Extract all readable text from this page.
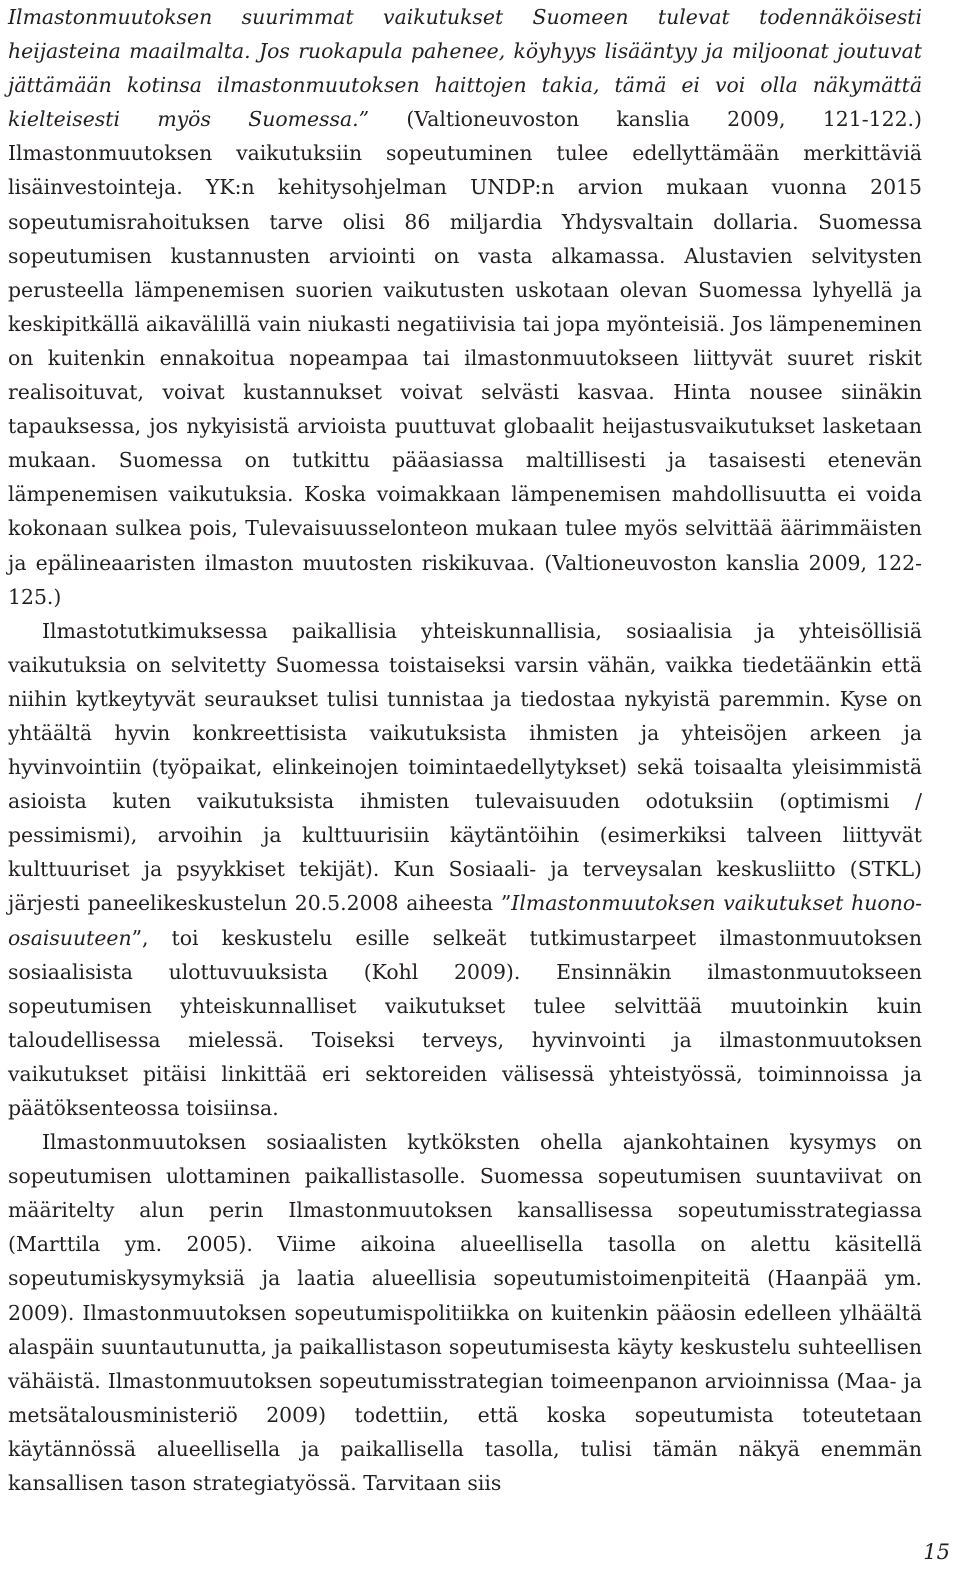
Ilmastonmuutoksen suurimmat vaikutukset Suomeen tulevat todennäköisesti heijasteina maailmalta. Jos ruokapula pahenee, köyhyys lisääntyy ja miljoonat joutuvat jättämään kotinsa ilmastonmuutoksen haittojen takia, tämä ei voi olla näkymättä kielteisesti myös Suomessa.” (Valtioneuvoston kanslia 2009, 121-122.) Ilmastonmuutoksen vaikutuksiin sopeutuminen tulee edellyttämään merkittäviä lisäinvestointeja. YK:n kehitysohjelman UNDP:n arvion mukaan vuonna 2015 sopeutumisrahoituksen tarve olisi 86 miljardia Yhdysvaltain dollaria. Suomessa sopeutumisen kustannusten arviointi on vasta alkamassa. Alustavien selvitysten perusteella lämpenemisen suorien vaikutusten uskotaan olevan Suomessa lyhyellä ja keskipitkällä aikavälillä vain niukasti negatiivisia tai jopa myönteisiä. Jos lämpeneminen on kuitenkin ennakoitua nopeampaa tai ilmastonmuutokseen liittyvät suuret riskit realisoituvat, voivat kustannukset voivat selvästi kasvaa. Hinta nousee siinäkin tapauksessa, jos nykyisistä arvioista puuttuvat globaalit heijastusvaikutukset lasketaan mukaan. Suomessa on tutkittu pääasiassa maltillisesti ja tasaisesti etenevän lämpenemisen vaikutuksia. Koska voimakkaan lämpenemisen mahdollisuutta ei voida kokonaan sulkea pois, Tulevaisuusselonteon mukaan tulee myös selvittää äärimmäisten ja epälineaaristen ilmaston muutosten riskikuvaa. (Valtioneuvoston kanslia 2009, 122-125.)

Ilmastotutkimuksessa paikallisia yhteiskunnallisia, sosiaalisia ja yhteisöllisiä vaikutuksia on selvitetty Suomessa toistaiseksi varsin vähän, vaikka tiedetäänkin että niihin kytkeytyvät seuraukset tulisi tunnistaa ja tiedostaa nykyistä paremmin. Kyse on yhtäältä hyvin konkreettisista vaikutuksista ihmisten ja yhteisöjen arkeen ja hyvinvointiin (työpaikat, elinkeinojen toimintaedellytykset) sekä toisaalta yleisimmistä asioista kuten vaikutuksista ihmisten tulevaisuuden odotuksiin (optimismi / pessimismi), arvoihin ja kulttuurisiin käytäntöihin (esimerkiksi talveen liittyvät kulttuuriset ja psyykkiset tekijät). Kun Sosiaali- ja terveysalan keskusliitto (STKL) järjesti paneelikeskustelun 20.5.2008 aiheesta ”Ilmastonmuutoksen vaikutukset huono-osaisuuteen”, toi keskustelu esille selkeät tutkimustarpeet ilmastonmuutoksen sosiaalisista ulottuvuuksista (Kohl 2009). Ensinnäkin ilmastonmuutokseen sopeutumisen yhteiskunnalliset vaikutukset tulee selvittää muutoinkin kuin taloudellisessa mielessä. Toiseksi terveys, hyvinvointi ja ilmastonmuutoksen vaikutukset pitäisi linkittää eri sektoreiden välisessä yhteistyössä, toiminnoissa ja päätöksenteossa toisiinsa.

Ilmastonmuutoksen sosiaalisten kytköksten ohella ajankohtainen kysymys on sopeutumisen ulottaminen paikallistasolle. Suomessa sopeutumisen suuntaviivat on määritelty alun perin Ilmastonmuutoksen kansallisessa sopeutumisstrategiassa (Marttila ym. 2005). Viime aikoina alueellisella tasolla on alettu käsitellä sopeutumiskysymyksiä ja laatia alueellisia sopeutumistoimenpiteitä (Haanpää ym. 2009). Ilmastonmuutoksen sopeutumispolitiikka on kuitenkin pääosin edelleen ylhäältä alaspäin suuntautunutta, ja paikallistason sopeutumisesta käyty keskustelu suhteellisen vähäistä. Ilmastonmuutoksen sopeutumisstrategian toimeenpanon arvioinnissa (Maa- ja metsätalousministeriö 2009) todettiin, että koska sopeutumista toteutetaan käytännössä alueellisella ja paikallisella tasolla, tulisi tämän näkyä enemmän kansallisen tason strategiatyössä. Tarvitaan siis

15
